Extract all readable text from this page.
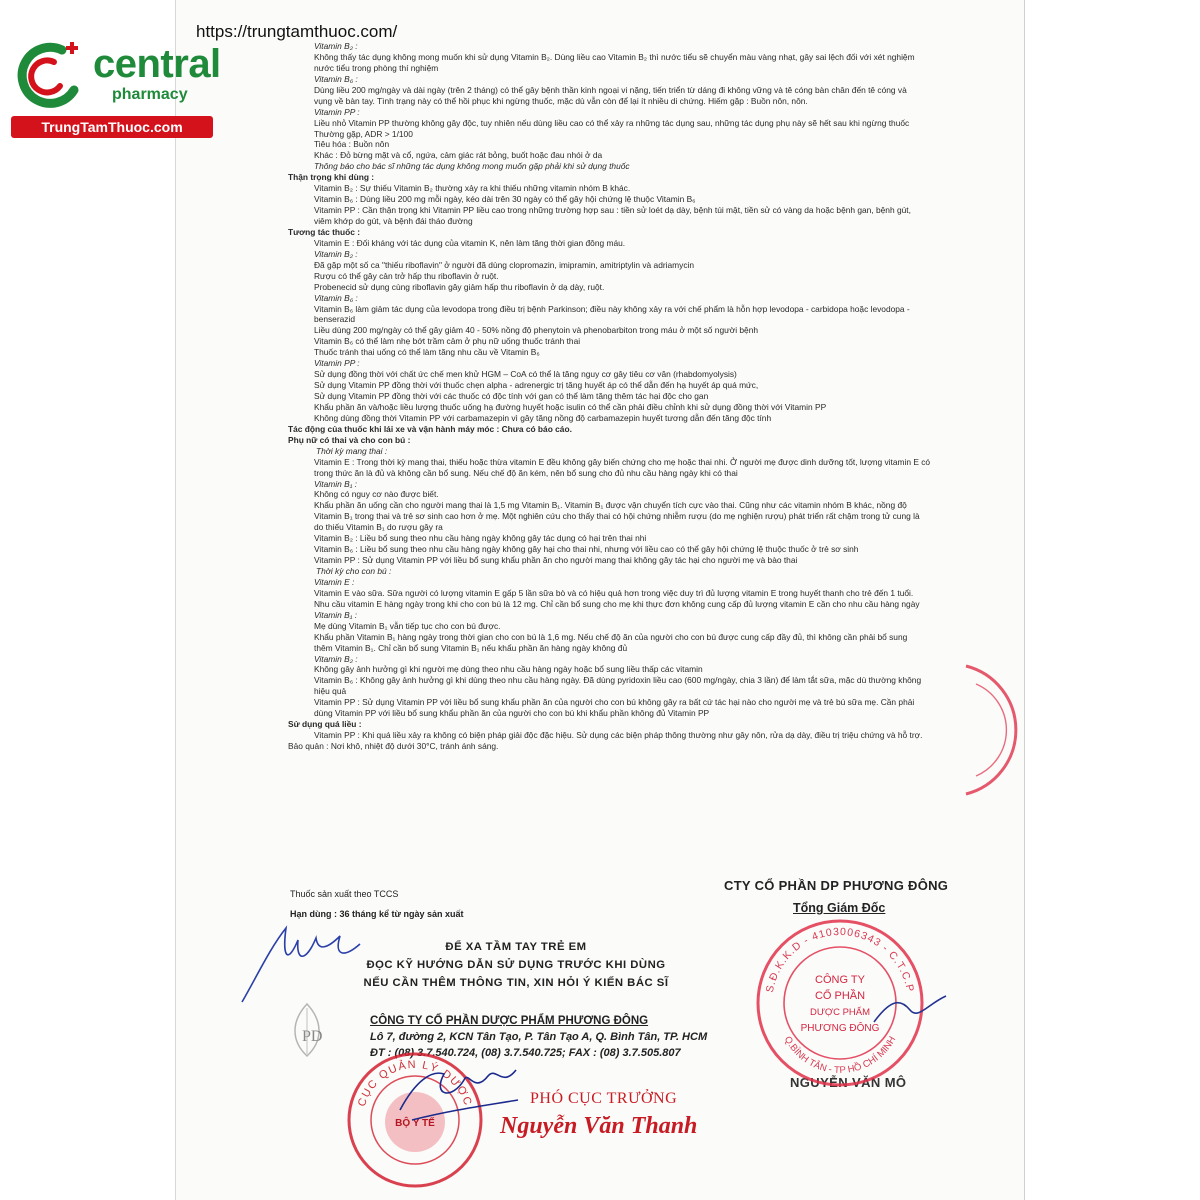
https://trungtamthuoc.com/
central
pharmacy
TrungTamThuoc.com
Vitamin B₂ :
Không thấy tác dụng không mong muốn khi sử dụng Vitamin B₂. Dùng liều cao Vitamin B₂ thì nước tiểu sẽ chuyển màu vàng nhạt, gây sai lệch đối với xét nghiệm
nước tiểu trong phòng thí nghiệm
Vitamin B₆ :
Dùng liều 200 mg/ngày và dài ngày (trên 2 tháng) có thể gây bệnh thần kinh ngoại vi nặng, tiến triển từ dáng đi không vững và tê cóng bàn chân đến tê cóng và
vụng về bàn tay. Tình trạng này có thể hồi phục khi ngừng thuốc, mặc dù vẫn còn để lại ít nhiều di chứng. Hiếm gặp : Buồn nôn, nôn.
Vitamin PP :
Liều nhỏ Vitamin PP thường không gây độc, tuy nhiên nếu dùng liều cao có thể xảy ra những tác dụng sau, những tác dụng phụ này sẽ hết sau khi ngừng thuốc
Thường gặp, ADR > 1/100
Tiêu hóa : Buồn nôn
Khác : Đỏ bừng mặt và cổ, ngứa, cảm giác rát bỏng, buốt hoặc đau nhói ở da
Thông báo cho bác sĩ những tác dụng không mong muốn gặp phải khi sử dụng thuốc
Thận trọng khi dùng :
Vitamin B₂ : Sự thiếu Vitamin B₂ thường xảy ra khi thiếu những vitamin nhóm B khác.
Vitamin B₆ : Dùng liều 200 mg mỗi ngày, kéo dài trên 30 ngày có thể gây hội chứng lệ thuộc Vitamin B₆
Vitamin PP : Cần thận trọng khi Vitamin PP liều cao trong những trường hợp sau : tiền sử loét dạ dày, bệnh túi mật, tiền sử có vàng da hoặc bệnh gan, bệnh gút,
viêm khớp do gút, và bệnh đái tháo đường
Tương tác thuốc :
Vitamin E : Đối kháng với tác dụng của vitamin K, nên làm tăng thời gian đông máu.
Vitamin B₂ :
Đã gặp một số ca "thiếu riboflavin" ở người đã dùng clopromazin, imipramin, amitriptylin và adriamycin
Rượu có thể gây cản trở hấp thu riboflavin ở ruột.
Probenecid sử dụng cùng riboflavin gây giảm hấp thu riboflavin ở dạ dày, ruột.
Vitamin B₆ :
Vitamin B₆ làm giảm tác dụng của levodopa trong điều trị bệnh Parkinson; điều này không xảy ra với chế phẩm là hỗn hợp levodopa - carbidopa hoặc levodopa -
benserazid
Liều dùng 200 mg/ngày có thể gây giảm 40 - 50% nồng độ phenytoin và phenobarbiton trong máu ở một số người bệnh
Vitamin B₆ có thể làm nhẹ bớt trầm cảm ở phụ nữ uống thuốc tránh thai
Thuốc tránh thai uống có thể làm tăng nhu cầu về Vitamin B₆
Vitamin PP :
Sử dụng đồng thời với chất ức chế men khử HGM – CoA có thể là tăng nguy cơ gây tiêu cơ vân (rhabdomyolysis)
Sử dụng Vitamin PP đồng thời với thuốc chẹn alpha - adrenergic trị tăng huyết áp có thể dẫn đến hạ huyết áp quá mức,
Sử dụng Vitamin PP đồng thời với các thuốc có độc tính với gan có thể làm tăng thêm tác hại độc cho gan
Khẩu phần ăn và/hoặc liều lượng thuốc uống hạ đường huyết hoặc isulin có thể cần phải điều chỉnh khi sử dụng đồng thời với Vitamin PP
Không dùng đồng thời Vitamin PP với carbamazepin vì gây tăng nồng độ carbamazepin huyết tương dẫn đến tăng độc tính
Tác động của thuốc khi lái xe và vận hành máy móc : Chưa có báo cáo.
Phụ nữ có thai và cho con bú :
Thời kỳ mang thai :
Vitamin E : Trong thời kỳ mang thai, thiếu hoặc thừa vitamin E đều không gây biến chứng cho mẹ hoặc thai nhi. Ở người mẹ được dinh dưỡng tốt, lượng vitamin E có
trong thức ăn là đủ và không cần bổ sung. Nếu chế độ ăn kém, nên bổ sung cho đủ nhu cầu hàng ngày khi có thai
Vitamin B₁ :
Không có nguy cơ nào được biết.
Khẩu phần ăn uống cần cho người mang thai là 1,5 mg Vitamin B₁. Vitamin B₁ được vận chuyển tích cực vào thai. Cũng như các vitamin nhóm B khác, nồng độ
Vitamin B₁ trong thai và trẻ sơ sinh cao hơn ở mẹ. Một nghiên cứu cho thấy thai có hội chứng nhiễm rượu (do mẹ nghiện rượu) phát triển rất chậm trong tử cung là
do thiếu Vitamin B₁ do rượu gây ra
Vitamin B₂ : Liều bổ sung theo nhu cầu hàng ngày không gây tác dụng có hại trên thai nhi
Vitamin B₆ : Liều bổ sung theo nhu cầu hàng ngày không gây hại cho thai nhi, nhưng với liều cao có thể gây hội chứng lệ thuộc thuốc ở trẻ sơ sinh
Vitamin PP : Sử dụng Vitamin PP với liều bổ sung khẩu phần ăn cho người mang thai không gây tác hại cho người mẹ và bào thai
Thời kỳ cho con bú :
Vitamin E :
Vitamin E vào sữa. Sữa người có lượng vitamin E gấp 5 lần sữa bò và có hiệu quả hơn trong việc duy trì đủ lượng vitamin E trong huyết thanh cho trẻ đến 1 tuổi.
Nhu cầu vitamin E hàng ngày trong khi cho con bú là 12 mg. Chỉ cần bổ sung cho mẹ khi thực đơn không cung cấp đủ lượng vitamin E cần cho nhu cầu hàng ngày
Vitamin B₁ :
Mẹ dùng Vitamin B₁ vẫn tiếp tục cho con bú được.
Khẩu phần Vitamin B₁ hàng ngày trong thời gian cho con bú là 1,6 mg. Nếu chế độ ăn của người cho con bú được cung cấp đầy đủ, thì không cần phải bổ sung
thêm Vitamin B₁. Chỉ cần bổ sung Vitamin B₁ nếu khẩu phần ăn hàng ngày không đủ
Vitamin B₂ :
Không gây ảnh hưởng gì khi người mẹ dùng theo nhu cầu hàng ngày hoặc bổ sung liều thấp các vitamin
Vitamin B₆ : Không gây ảnh hưởng gì khi dùng theo nhu cầu hàng ngày. Đã dùng pyridoxin liều cao (600 mg/ngày, chia 3 lần) để làm tắt sữa, mặc dù thường không
hiệu quả
Vitamin PP : Sử dụng Vitamin PP với liều bổ sung khẩu phần ăn của người cho con bú không gây ra bất cứ tác hại nào cho người mẹ và trẻ bú sữa mẹ. Cần phải
dùng Vitamin PP với liều bổ sung khẩu phần ăn của người cho con bú khi khẩu phần không đủ Vitamin PP
Sử dụng quá liều :
Vitamin PP : Khi quá liều xảy ra không có biện pháp giải độc đặc hiệu. Sử dụng các biện pháp thông thường như gây nôn, rửa dạ dày, điều trị triệu chứng và hỗ trợ.
Bảo quản : Nơi khô, nhiệt độ dưới 30°C, tránh ánh sáng.
Thuốc sản xuất theo TCCS
Hạn dùng : 36 tháng kể từ ngày sản xuất
CTY CỔ PHẦN DP PHƯƠNG ĐÔNG
Tổng Giám Đốc
NGUYỄN VĂN MÔ
ĐỂ XA TẦM TAY TRẺ EM
ĐỌC KỸ HƯỚNG DẪN SỬ DỤNG TRƯỚC KHI DÙNG
NẾU CẦN THÊM THÔNG TIN, XIN HỎI Ý KIẾN BÁC SĨ
PD
CÔNG TY CỔ PHẦN DƯỢC PHẨM PHƯƠNG ĐÔNG
Lô 7, đường 2, KCN Tân Tạo, P. Tân Tạo A, Q. Bình Tân, TP. HCM
ĐT : (08) 3.7.540.724, (08) 3.7.540.725; FAX : (08) 3.7.505.807
S.Đ.K.K.D - 4103006343 - C.T.C.P
Q.BÌNH TÂN - TP HỒ CHÍ MINH
CÔNG TY
CỔ PHẦN
DƯỢC PHẨM
PHƯƠNG ĐÔNG
CỤC QUẢN LÝ DƯỢC
BỘ Y TẾ
PHÓ CỤC TRƯỞNG
Nguyễn Văn Thanh
